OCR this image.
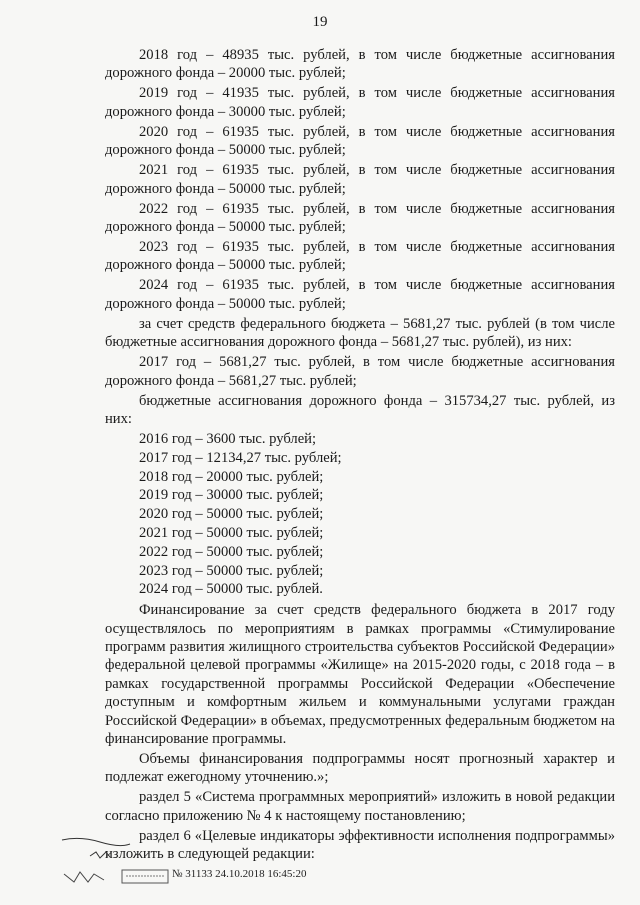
19

2018 год – 48935 тыс. рублей, в том числе бюджетные ассигнования дорожного фонда – 20000 тыс. рублей;

2019 год – 41935 тыс. рублей, в том числе бюджетные ассигнования дорожного фонда – 30000 тыс. рублей;

2020 год – 61935 тыс. рублей, в том числе бюджетные ассигнования дорожного фонда – 50000 тыс. рублей;

2021 год – 61935 тыс. рублей, в том числе бюджетные ассигнования дорожного фонда – 50000 тыс. рублей;

2022 год – 61935 тыс. рублей, в том числе бюджетные ассигнования дорожного фонда – 50000 тыс. рублей;

2023 год – 61935 тыс. рублей, в том числе бюджетные ассигнования дорожного фонда – 50000 тыс. рублей;

2024 год – 61935 тыс. рублей, в том числе бюджетные ассигнования дорожного фонда – 50000 тыс. рублей;

за счет средств федерального бюджета – 5681,27 тыс. рублей (в том числе бюджетные ассигнования дорожного фонда – 5681,27 тыс. рублей), из них:

2017 год – 5681,27 тыс. рублей, в том числе бюджетные ассигнования дорожного фонда – 5681,27 тыс. рублей;

бюджетные ассигнования дорожного фонда – 315734,27 тыс. рублей, из них:

2016 год – 3600 тыс. рублей;
2017 год – 12134,27 тыс. рублей;
2018 год – 20000 тыс. рублей;
2019 год – 30000 тыс. рублей;
2020 год – 50000 тыс. рублей;
2021 год – 50000 тыс. рублей;
2022 год – 50000 тыс. рублей;
2023 год – 50000 тыс. рублей;
2024 год – 50000 тыс. рублей.

Финансирование за счет средств федерального бюджета в 2017 году осуществлялось по мероприятиям в рамках программы «Стимулирование программ развития жилищного строительства субъектов Российской Федерации» федеральной целевой программы «Жилище» на 2015-2020 годы, с 2018 года – в рамках государственной программы Российской Федерации «Обеспечение доступным и комфортным жильем и коммунальными услугами граждан Российской Федерации» в объемах, предусмотренных федеральным бюджетом на финансирование программы.

Объемы финансирования подпрограммы носят прогнозный характер и подлежат ежегодному уточнению.»;

раздел 5 «Система программных мероприятий» изложить в новой редакции согласно приложению № 4 к настоящему постановлению;

раздел 6 «Целевые индикаторы эффективности исполнения подпрограммы» изложить в следующей редакции:

№ 31133 24.10.2018 16:45:20
